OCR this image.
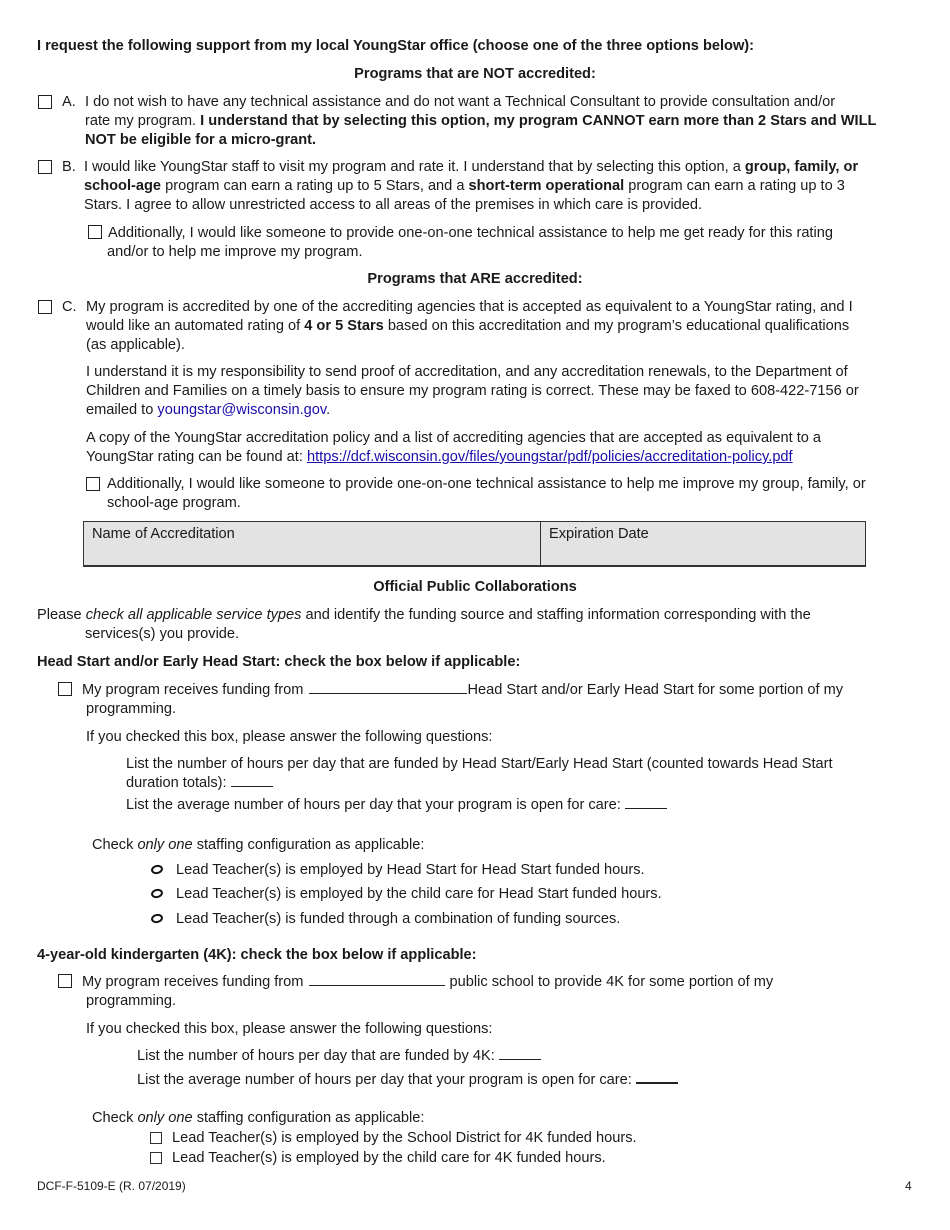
I request the following support from my local YoungStar office (choose one of the three options below):
Programs that are NOT accredited:
A. I do not wish to have any technical assistance and do not want a Technical Consultant to provide consultation and/or
rate my program. I understand that by selecting this option, my program CANNOT earn more than 2 Stars and WILL
NOT be eligible for a micro-grant.
B. I would like YoungStar staff to visit my program and rate it. I understand that by selecting this option, a group, family, or
school-age program can earn a rating up to 5 Stars, and a short-term operational program can earn a rating up to 3
Stars. I agree to allow unrestricted access to all areas of the premises in which care is provided.
Additionally, I would like someone to provide one-on-one technical assistance to help me get ready for this rating
and/or to help me improve my program.
Programs that ARE accredited:
C. My program is accredited by one of the accrediting agencies that is accepted as equivalent to a YoungStar rating, and I
would like an automated rating of 4 or 5 Stars based on this accreditation and my program’s educational qualifications
(as applicable).
I understand it is my responsibility to send proof of accreditation, and any accreditation renewals, to the Department of
Children and Families on a timely basis to ensure my program rating is correct. These may be faxed to 608-422-7156 or
emailed to youngstar@wisconsin.gov.
A copy of the YoungStar accreditation policy and a list of accrediting agencies that are accepted as equivalent to a
YoungStar rating can be found at: https://dcf.wisconsin.gov/files/youngstar/pdf/policies/accreditation-policy.pdf
Additionally, I would like someone to provide one-on-one technical assistance to help me improve my group, family, or
school-age program.
Name of Accreditation	Expiration Date
Official Public Collaborations
Please check all applicable service types and identify the funding source and staffing information corresponding with the
services(s) you provide.
Head Start and/or Early Head Start: check the box below if applicable:
My program receives funding from	Head Start and/or Early Head Start for some portion of my
programming.
If you checked this box, please answer the following questions:
List the number of hours per day that are funded by Head Start/Early Head Start (counted towards Head Start
duration totals):
List the average number of hours per day that your program is open for care:
Check only one staffing configuration as applicable:
Lead Teacher(s) is employed by Head Start for Head Start funded hours.
Lead Teacher(s) is employed by the child care for Head Start funded hours.
Lead Teacher(s) is funded through a combination of funding sources.
4-year-old kindergarten (4K): check the box below if applicable:
My program receives funding from	public school to provide 4K for some portion of my
programming.
If you checked this box, please answer the following questions:
List the number of hours per day that are funded by 4K:
List the average number of hours per day that your program is open for care:
Check only one staffing configuration as applicable:
Lead Teacher(s) is employed by the School District for 4K funded hours.
Lead Teacher(s) is employed by the child care for 4K funded hours.
DCF-F-5109-E (R. 07/2019)	4
